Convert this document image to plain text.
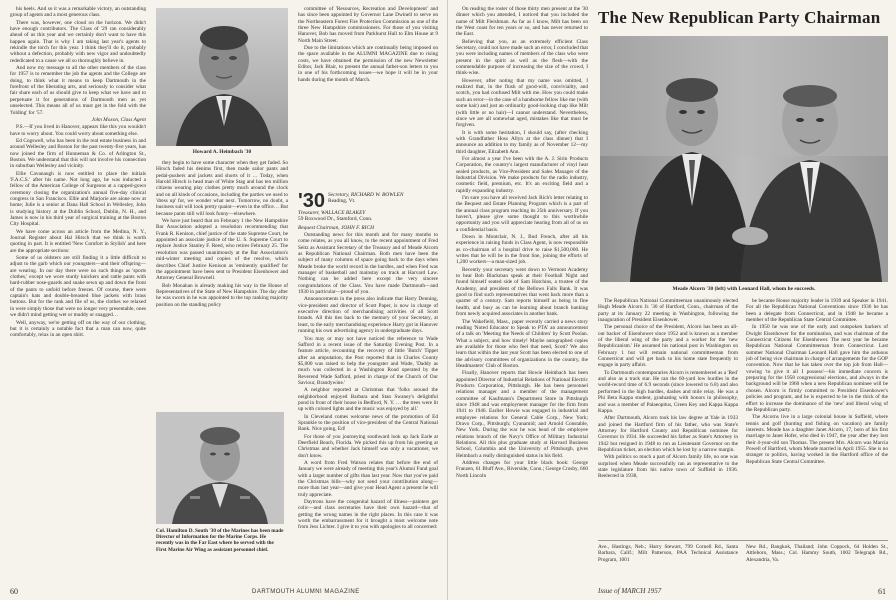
his heels. And so it was a remarkable victory, an outstanding group of agents and a most generous class.

There was, however, one cloud on the horizon. We didn't have enough contributors. The Class of '29 ran considerably ahead of us this year and we certainly don't want to have this happen again. That is why I am taking last year's agents to rekindle the torch for this year. I think they'll do it, probably without a defection, probably with new vigor and undoubtedly rededicated to a cause we all so thoroughly believe in.

And now my message to all the other members of the class for 1957 is to remember the job the agents and the College are doing, to think what it means to keep Dartmouth in the forefront of the liberating arts, and seriously to consider what fair share each of us should give to keep what we have and to perpetuate it for generations of Dartmouth men as yet unselected. This means all of us must get in the fold with the 'folding' for '57.

John Moxon, Class Agent

P.S.—If you lived in Hanover, appears like this you wouldn't have to worry about. You could worry about something else.

Ed Cogswell, who has been in the real estate business in and around Wellesley and Boston for the past twenty-five years, has now joined the firm of Hunneman & Co. of Arlington St., Boston. We understand that this will not involve his connection in suburban Wellesley and vicinity.

Ellie Cavanaugh is now entitled to place the initials 'F.A.C.S.' after his name. Not long ago, he was inducted a fellow of the American College of Surgeons at a capped-gown ceremony closing the organization's annual five-day clinical congress in San Francisco. Ellie and Marjorie are alone now at home; Julie is a senior at Dana Hall School in Wellesley, John is studying history at the Dublin School, Dublin, N. H., and James is now in his third year of surgical training at the Boston City Hospital.

We have come across an article from the Medina, N. Y., Journal Register about Hal Hirsch that we think is worth quoting in part. It is entitled 'New Comfort in Stylish' and here are the appropriate sections:

Some of us oldsters are still finding it a little difficult to adjust to the garb which our youngsters—and their offspring—are wearing. In our day there were no such things as 'sports clothes,' except we wore sturdy knickers and rattle pants with hard-rubber nose-guards and snake sewn up and down the front of the pants to unfold before freezes. Of course, there were captain's hats and double-breasted blue jackets with brass buttons. But for the rank and file of us, the clothes we relaxed in were simply those that were no longer very presentable, ones we didn't mind getting wet or muddy or snagged…

Well, anyway, we're getting off on the way of our clothing, but it is certainly a notable fact that a man can now, quite comfortably, relax in an open shirt.

Howard A. Heimbach '30

they begin to have some character when they get faded. So Hirsch faded his denims first, then made sailor pants and pedal-pushers and jackets and shorts of it … Today, when Harold Hirsch is head man of White Stag and has ten million citizens wearing play clothes pretty much around the clock and on all kinds of occasions, including the parties we used to 'dress up' for, we wonder what next. Tomorrow, no doubt, a business suit will look pretty quaint—even in the office… But because pants still will look funny—elsewhere.

We have just heard that on February 1 the New Hampshire Bar Association adopted a resolution recommending that Frank R. Kenison, chief justice of the state Supreme Court, be appointed an associate justice of the U. S. Supreme Court to replace Justice Stanley F. Reed, who retires February 25. The resolution was passed unanimously at the Bar Association's mid-winter meeting and copies of the resolve, which describes Chief Justice Kenison as 'eminently qualified' for the appointment have been sent to President Eisenhower and Attorney General Brownell.

Bob Monahan is already making his way in the House of Representatives of the State of New Hampshire. The day after he was sworn in he was appointed to the top ranking majority position on the standing policy

Col. Hamilton D. South '30 of the Marines has been made Director of Information for the Marine Corps. He recently was in the Far East where he served with the First Marine Air Wing as assistant personnel chief.

committee of 'Resources, Recreation and Development' and has since been appointed by Governor Lane Dwinell to serve on the Northeastern Forest Fire Protection Commission as one of the three New Hampshire commissioners. For those of you visiting Hanover, Bob has moved from Parkhurst Hall to Elm House at 9 North Main Street.

Due to the limitations which are continually being imposed on the space available in the ALUMNI MAGAZINE due to rising costs, we have obtained the permission of the new Newsletter Editor, Jack Blair, to present the annual father-son letters to you in one of his forthcoming issues—we hope it will be in your hands during the month of March.

'30 Secretary, RICHARD W. BOWLEN
Reading, Vt.
Treasurer, WALLACE BLAKEY
59 Boxwood Dr., Stamford, Conn.
Bequest Chairman, JOHN F. RICH

Outstanding news for this month and for many months to come relates, as you all know, to the recent appointment of Fred Seitz as Assistant Secretary of the Treasury and of Meade Alcorn as Republican National Chairman. Both men have been the subject of many columns of space going back to the days when Meade broke the world record in the hurdles, and when Fred was manager of basketball and mainstay on track at Harvard Law. Nothing can be added here except the very sincere congratulations of the Class. You have made Dartmouth—and 1930 in particular—proud of you.

Announcements in the press also indicate that Harry Denning, vice-president and director of Scott Paper, is now in charge of executive direction of merchandising activities of all Scott brands. All this ties back to the memory of your Secretary, at least, to the early merchandising experience Harry got in Hanover running his own advertising agency in undergraduate days.

You may or may not have noticed the reference to Wade Safford in a recent issue of the Saturday Evening Post. In a feature article, recounting the recovery of little 'Butch' Tippet after an amputation, the Post reported that in Charles County $5,000 was raised to help the youngster and Wade, 'Daddy as much was collected in a Washington Road operated by the Reverend Wade Safford, priest in charge of the Church of Our Saviour, Brandywine.'

A neighbor reported at Christmas that 'folks around the neighborhood enjoyed Barbara and Stan Swaney's delightful pond in front of their house in Bedford, N. Y. … the trees were lit up with colored lights and the music was enjoyed by all.'

In Cleveland comes welcome news of the promotion of Ed Sprankle to the position of vice-president of the Central National Bank. Nice going, Ed!

For those of you journeying southward look up Jack Earle at Deerfield Beach, Florida. We picked this up from his greeting at Christmas and whether Jack himself was only a vacationer, we don't know.

A word from Fred Watson relates that before the end of January we were already of meeting this year's Alumni Fund goal with a larger number of gifts than last year. Now that you've paid the Christmas bills—why not send your contribution along—more than last year—and give your Head Agent a present he will truly appreciate.

Daytrons have the congenital hazard of illness—painters get colic—and class secretaries have their own hazard—that of getting the wrong names in the right places. In this case it was worth the embarrassment for it brought a most welcome note from Jess Lichter. I give it to you with apologies to all concerned:

60	DARTMOUTH ALUMNI MAGAZINE

On reading the roster of those thirty men present at the '30 dinner which you attended, I noticed that you included the name of Milt Fleishman. As far as I know, Milt has been on the West coast for ten years or so, and has never returned to the East.

Believing that you, as an extremely efficient Class Secretary, could not have made such an error, I concluded that you were including names of members of the class who were present in the spirit as well as the flesh—with the commendable purpose of increasing the size of the crowd, I think-wise.

However, after noting that my name was omitted, I realized that, in the flush of good-will, conviviality, and scotch, you had confused Milt with me. How you could make such an error—in the case of a handsome fellow like me (with some hair) and just an ordinarily good-looking chap like Milt (with little or no hair)—I cannot understand. Nevertheless, since we are all somewhat aged, mistakes like that must be forgiven.

It is with some hesitation, I should say, (after checking with Grandfather Hoss Allyn at the class dinner) that I announce an addition to my family as of November 12—my third daughter, Elizabeth Ann.

For almost a year I've been with the A. J. Sirin Products Corporation, the country's largest manufacturer of vinyl heat sealed products, as Vice-President and Sales Manager of the Industrial Division. We make products for the radio industry, cosmetic field, premium, etc. It's an exciting field and a rapidly expanding industry.

I'm sure you have all received Jack Rich's letter relating to the Bequest and Estate Planning Program which is a part of the annual class program reaching its 25th anniversary. If you haven't, please give some thought to this worthwhile opportunity and you will appreciate hearing from all of us on a confidential basis.

Down in Montclair, N. J., Bud French, after all his experience in raising funds in Class Agent, is now responsible as co-chairman of a hospital drive to raise $1,500,000. He writes that he will be in the front line, joining the efforts of 1,200 workers—a man-sized job.

Recently your secretary went down to Vermont Academy to hear Bob Blackman speak at their Football Night and found himself seated side of Sam Hutchins, a trustee of the Academy, and president of the Bellows Falls Bank. It was good to find such representatives that went back more than a quarter of a century. Sam reports himself as being in fine health, and busy as can be learning about branch banking from newly acquired associates in another bank.

The Wakefield, Mass., paper recently carried a news story reading 'Noted Educator to Speak to PTA' an announcement of a talk on 'Meeting the Needs of Children' by Scott Poolan. What a subject, and how timely! Maybe autographed copies are available for those who feel that need, Scott? We also learn that within the last year Scott has been elected to one of the advisory committees of organizations in the country, the Headmasters' Club of Boston.

Finally, Hanover reports that Howie Heimbach has been appointed Director of Industrial Relations of National Electric Products Corporation, Pittsburgh. He has been personnel relations manager and a member of the management committee of Kaufmann's Department Store in Pittsburgh since 1948 and was employment manager for the firm from 1941 to 1946. Earlier Howie was engaged in industrial and employee relations for General Cable Corp., New York; Dravo Corp., Pittsburgh; Cyanamid; and Arnold Constable, New York. During the war he was head of the employee relations branch of the Navy's Office of Military Industrial Relations. All this plus graduate study at Harvard Business School, Columbia and the University of Pittsburgh, gives Heimbach a really distinguished status in his field.

Address changes for your little black book: George Franzen, 61 Bluff Ave., Riverside, Conn.; George Crosby, 660 North Lincoln

The New Republican Party Chairman
Meade Alcorn '30 (left) with Leonard Hall, whom he succeeds.

The Republican National Committeeman unanimously elected Hugh Meade Alcorn Jr. '30 of Hartford, Conn., chairman of the party at its January 22 meeting in Washington, following the inauguration of President Eisenhower.

The personal choice of the President, Alcorn has been an all-out backer of Eisenhower since 1952 and is known as a member of the liberal wing of the party and a worker for the 'new Republicanism.' He assumed his national post in Washington on February 1 but will remain national committeeman from Connecticut and will get back to his home state frequently to engage in party affairs.

To Dartmouth contemporaries Alcorn is remembered as a 'Red' and also as a track star. He ran the 60-yard low hurdles in the world-record time of 6.9 seconds (since lowered to 6.8) and also performed in the high hurdles, dashes and mile relay. He was a Phi Beta Kappa student, graduating with honors in philosophy, and was a member of Palaeopitus, Green Key and Kappa Kappa Kappa.

After Dartmouth, Alcorn took his law degree at Yale in 1933 and joined the Hartford firm of his father, who was State's Attorney for Hartford County and Republican nominee for Governor in 1934. He succeeded his father as State's Attorney in 1942 but resigned in 1948 to run as Lieutenant Governor on the Republican ticket, an election which he lost by a narrow margin.

With politics so much a part of Alcorn family life, no one was surprised when Meade successfully ran as representative to the state legislature from his native town of Suffield in 1936. Reelected in 1938,

he became House majority leader in 1939 and Speaker in 1941. For all the Republican National Conventions since 1936 he has been a delegate from Connecticut, and in 1948 he became a member of the Republican State Central Committee.

In 1950 he was one of the early and outspoken backers of Dwight Eisenhower for the nomination, and was chairman of the Connecticut Citizens for Eisenhower. The next year he became Republican National Committeeman from Connecticut. Last summer National Chairman Leonard Hall gave him the arduous job of being vice chairman in charge of arrangements for the GOP convention. Now that he has taken over the top job from Hall—vowing 'to give it all I possess'—his immediate concern is preparing for the 1958 congressional elections, and always in the background will be 1960 when a new Republican nominee will be chosen. Alcorn is firmly committed to President Eisenhower's policies and program, and he is expected to be in the thick of the effort to increase the dominance of the 'new' and liberal wing of the Republican party.

The Alcorns live in a large colonial house in Suffield, where tennis and golf (hunting and fishing on vacation) are family interests. Meade has a daughter Janet Alcorn, 17, born of his first marriage to Janet Hofer, who died in 1947, the year after they lost their 4-year-old son Thomas. The present Mrs. Alcorn was Marcia Powell of Hartford, whom Meade married in April 1955. She is no stranger to politics, having worked in the Hartford office of the Republican State Central Committee.

Ave., Hastings, Neb.; Harry Stewart, 799 Cornell Rd., Santa Barbara, Calif.; Milt Patterson, PAA Technical Assistance Program, 1001

New Rd., Bangkok, Thailand; John Coppock, 64 Holden St., Attleboro, Mass.; Col. Hammy South, 1002 Telegraph Rd., Alexandria, Va.

Issue of MARCH 1957	61
